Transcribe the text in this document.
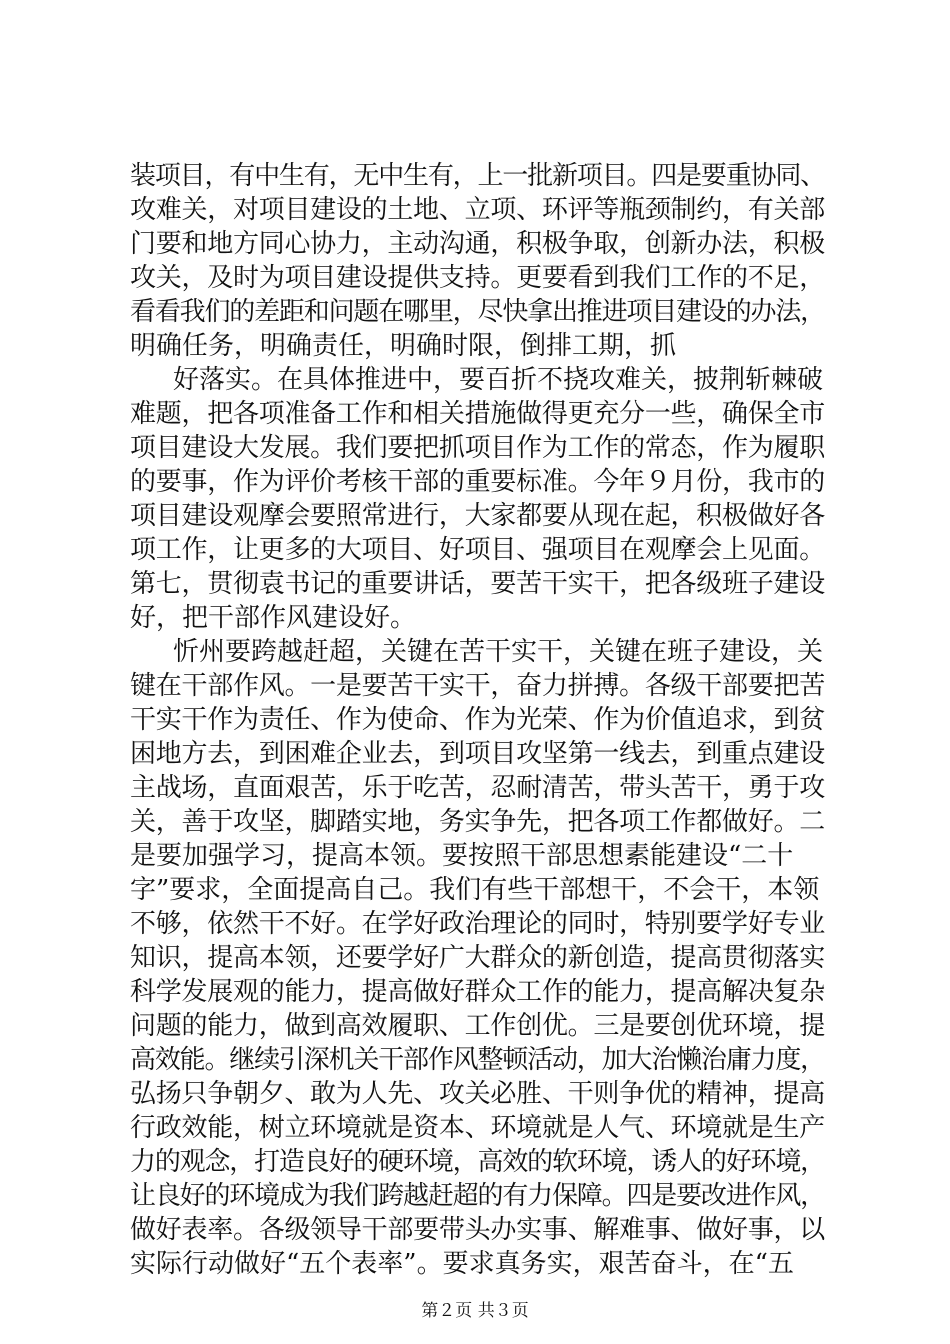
装项目，有中生有，无中生有，上一批新项目。四是要重协同、
攻难关，对项目建设的土地、立项、环评等瓶颈制约，有关部
门要和地方同心协力，主动沟通，积极争取，创新办法，积极
攻关，及时为项目建设提供支持。更要看到我们工作的不足，
看看我们的差距和问题在哪里，尽快拿出推进项目建设的办法，
明确任务，明确责任，明确时限，倒排工期，抓
好落实。在具体推进中，要百折不挠攻难关，披荆斩棘破
难题，把各项准备工作和相关措施做得更充分一些，确保全市
项目建设大发展。我们要把抓项目作为工作的常态，作为履职
的要事，作为评价考核干部的重要标准。今年９月份，我市的
项目建设观摩会要照常进行，大家都要从现在起，积极做好各
项工作，让更多的大项目、好项目、强项目在观摩会上见面。
第七，贯彻袁书记的重要讲话，要苦干实干，把各级班子建设
好，把干部作风建设好。
忻州要跨越赶超，关键在苦干实干，关键在班子建设，关
键在干部作风。一是要苦干实干，奋力拼搏。各级干部要把苦
干实干作为责任、作为使命、作为光荣、作为价值追求，到贫
困地方去，到困难企业去，到项目攻坚第一线去，到重点建设
主战场，直面艰苦，乐于吃苦，忍耐清苦，带头苦干，勇于攻
关，善于攻坚，脚踏实地，务实争先，把各项工作都做好。二
是要加强学习，提高本领。要按照干部思想素能建设“二十
字”要求，全面提高自己。我们有些干部想干，不会干，本领
不够，依然干不好。在学好政治理论的同时，特别要学好专业
知识，提高本领，还要学好广大群众的新创造，提高贯彻落实
科学发展观的能力，提高做好群众工作的能力，提高解决复杂
问题的能力，做到高效履职、工作创优。三是要创优环境，提
高效能。继续引深机关干部作风整顿活动，加大治懒治庸力度，
弘扬只争朝夕、敢为人先、攻关必胜、干则争优的精神，提高
行政效能，树立环境就是资本、环境就是人气、环境就是生产
力的观念，打造良好的硬环境，高效的软环境，诱人的好环境，
让良好的环境成为我们跨越赶超的有力保障。四是要改进作风，
做好表率。各级领导干部要带头办实事、解难事、做好事，以
实际行动做好“五个表率”。要求真务实，艰苦奋斗，在“五
第２页 共３页
